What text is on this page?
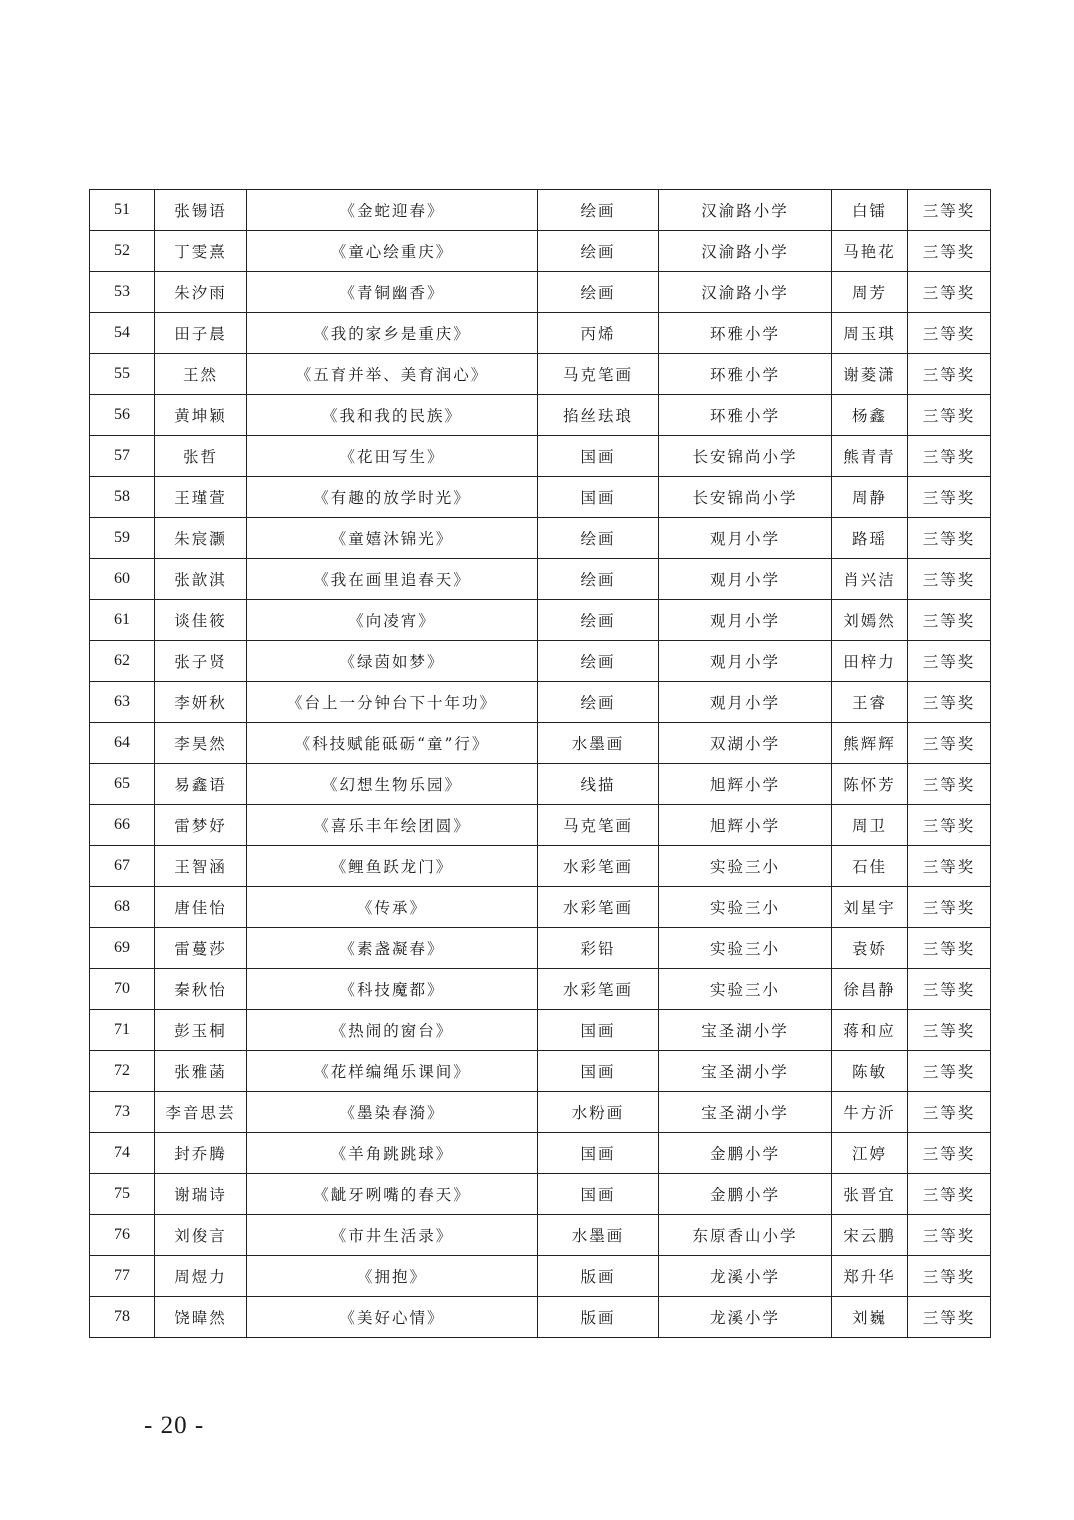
51	张锡语	《金蛇迎春》	绘画	汉渝路小学	白镭	三等奖
52	丁雯熹	《童心绘重庆》	绘画	汉渝路小学	马艳花	三等奖
53	朱汐雨	《青铜幽香》	绘画	汉渝路小学	周芳	三等奖
54	田子晨	《我的家乡是重庆》	丙烯	环雅小学	周玉琪	三等奖
55	王然	《五育并举、美育润心》	马克笔画	环雅小学	谢菱潇	三等奖
56	黄坤颖	《我和我的民族》	掐丝珐琅	环雅小学	杨鑫	三等奖
57	张哲	《花田写生》	国画	长安锦尚小学	熊青青	三等奖
58	王瑾萱	《有趣的放学时光》	国画	长安锦尚小学	周静	三等奖
59	朱宸灏	《童嬉沐锦光》	绘画	观月小学	路瑶	三等奖
60	张歆淇	《我在画里追春天》	绘画	观月小学	肖兴洁	三等奖
61	谈佳筱	《向凌宵》	绘画	观月小学	刘嫣然	三等奖
62	张子贤	《绿茵如梦》	绘画	观月小学	田梓力	三等奖
63	李妍秋	《台上一分钟台下十年功》	绘画	观月小学	王睿	三等奖
64	李昊然	《科技赋能砥砺“童”行》	水墨画	双湖小学	熊辉辉	三等奖
65	易鑫语	《幻想生物乐园》	线描	旭辉小学	陈怀芳	三等奖
66	雷梦妤	《喜乐丰年绘团圆》	马克笔画	旭辉小学	周卫	三等奖
67	王智涵	《鲤鱼跃龙门》	水彩笔画	实验三小	石佳	三等奖
68	唐佳怡	《传承》	水彩笔画	实验三小	刘星宇	三等奖
69	雷蔓莎	《素盏凝春》	彩铅	实验三小	袁娇	三等奖
70	秦秋怡	《科技魔都》	水彩笔画	实验三小	徐昌静	三等奖
71	彭玉桐	《热闹的窗台》	国画	宝圣湖小学	蒋和应	三等奖
72	张雅菡	《花样编绳乐课间》	国画	宝圣湖小学	陈敏	三等奖
73	李音思芸	《墨染春漪》	水粉画	宝圣湖小学	牛方沂	三等奖
74	封乔腾	《羊角跳跳球》	国画	金鹏小学	江婷	三等奖
75	谢瑞诗	《龇牙咧嘴的春天》	国画	金鹏小学	张晋宜	三等奖
76	刘俊言	《市井生活录》	水墨画	东原香山小学	宋云鹏	三等奖
77	周煜力	《拥抱》	版画	龙溪小学	郑升华	三等奖
78	饶暐然	《美好心情》	版画	龙溪小学	刘巍	三等奖
- 20 -
